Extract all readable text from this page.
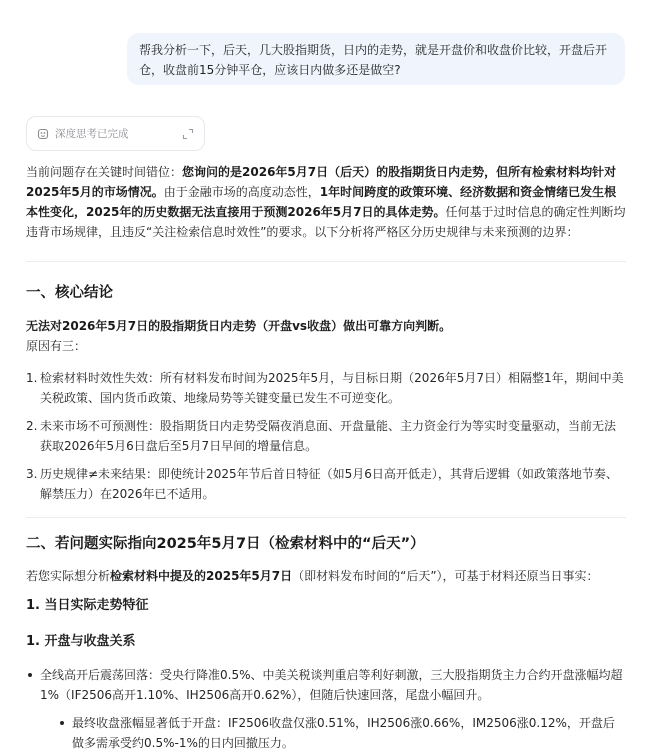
帮我分析一下，后天，几大股指期货，日内的走势，就是开盘价和收盘价比较，开盘后开仓，收盘前15分钟平仓，应该日内做多还是做空?
深度思考已完成

当前问题存在关键时间错位：您询问的是2026年5月7日（后天）的股指期货日内走势，但所有检索材料均针对2025年5月的市场情况。由于金融市场的高度动态性，1年时间跨度的政策环境、经济数据和资金情绪已发生根本性变化，2025年的历史数据无法直接用于预测2026年5月7日的具体走势。任何基于过时信息的确定性判断均违背市场规律，且违反“关注检索信息时效性”的要求。以下分析将严格区分历史规律与未来预测的边界：

一、核心结论

无法对2026年5月7日的股指期货日内走势（开盘vs收盘）做出可靠方向判断。

原因有三：

1. 检索材料时效性失效：所有材料发布时间为2025年5月，与目标日期（2026年5月7日）相隔整1年，期间中美关税政策、国内货币政策、地缘局势等关键变量已发生不可逆变化。
2. 未来市场不可预测性：股指期货日内走势受隔夜消息面、开盘量能、主力资金行为等实时变量驱动，当前无法获取2026年5月6日盘后至5月7日早间的增量信息。
3. 历史规律≠未来结果：即使统计2025年节后首日特征（如5月6日高开低走），其背后逻辑（如政策落地节奏、解禁压力）在2026年已不适用。
二、若问题实际指向2025年5月7日（检索材料中的“后天”）

若您实际想分析检索材料中提及的2025年5月7日（即材料发布时间的“后天”），可基于材料还原当日事实：

1. 当日实际走势特征
1. 开盘与收盘关系
全线高开后震荡回落：受央行降准0.5%、中美关税谈判重启等利好刺激，三大股指期货主力合约开盘涨幅均超1%（IF2506高开1.10%、IH2506高开0.62%），但随后快速回落，尾盘小幅回升。
最终收盘涨幅显著低于开盘：IF2506收盘仅涨0.51%，IH2506涨0.66%，IM2506涨0.12%，开盘后做多需承受约0.5%-1%的日内回撤压力。
